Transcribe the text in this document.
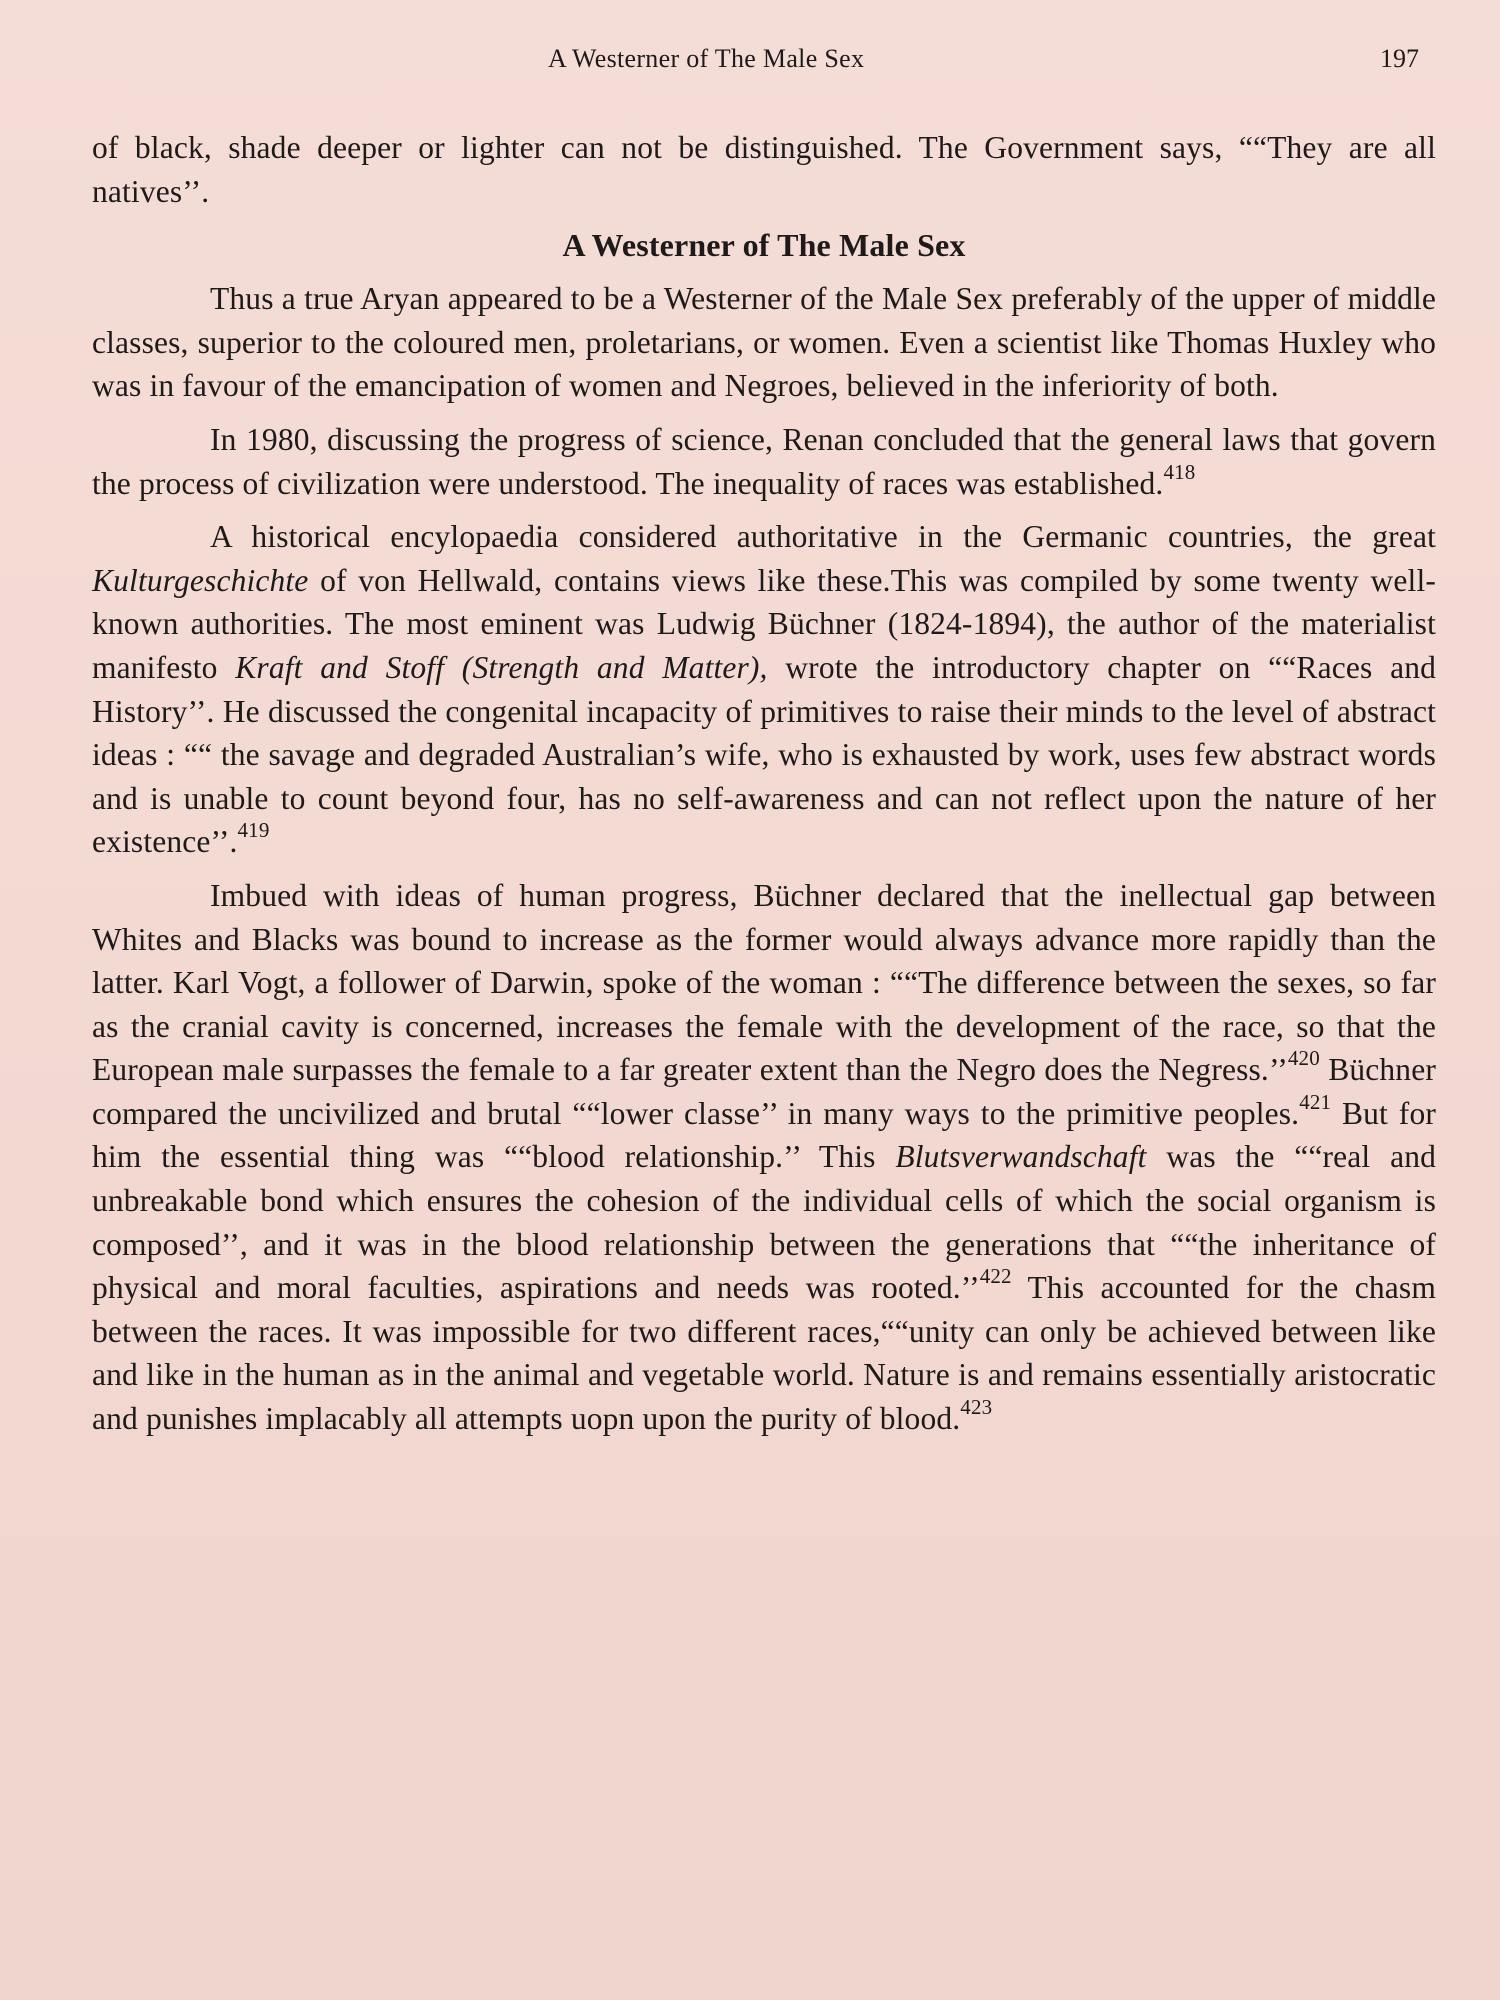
A Westerner of The Male Sex	197

of black, shade deeper or lighter can not be distinguished. The Government says, ““They are all natives’’.

A Westerner of The Male Sex

Thus a true Aryan appeared to be a Westerner of the Male Sex preferably of the upper of middle classes, superior to the coloured men, proletarians, or women. Even a scientist like Thomas Huxley who was in favour of the emancipation of women and Negroes, believed in the inferiority of both.

In 1980, discussing the progress of science, Renan concluded that the general laws that govern the process of civilization were understood. The inequality of races was established.$^{418}$

A historical encylopaedia considered authoritative in the Germanic countries, the great Kulturgeschichte of von Hellwald, contains views like these.This was compiled by some twenty well-known authorities. The most eminent was Ludwig Büchner (1824-1894), the author of the materialist manifesto Kraft and Stoff (Strength and Matter), wrote the introductory chapter on ““Races and History’’. He discussed the congenital incapacity of primitives to raise their minds to the level of abstract ideas : ““ the savage and degraded Australian’s wife, who is exhausted by work, uses few abstract words and is unable to count beyond four, has no self-awareness and can not reflect upon the nature of her existence’’.$^{419}$

Imbued with ideas of human progress, Büchner declared that the inellectual gap between Whites and Blacks was bound to increase as the former would always advance more rapidly than the latter. Karl Vogt, a follower of Darwin, spoke of the woman : ““The difference between the sexes, so far as the cranial cavity is concerned, increases the female with the development of the race, so that the European male surpasses the female to a far greater extent than the Negro does the Negress.’’$^{420}$ Büchner compared the uncivilized and brutal ““lower classe’’ in many ways to the primitive peoples.$^{421}$ But for him the essential thing was ““blood relationship.’’ This Blutsverwandschaft was the ““real and unbreakable bond which ensures the cohesion of the individual cells of which the social organism is composed’’, and it was in the blood relationship between the generations that ““the inheritance of physical and moral faculties, aspirations and needs was rooted.’’$^{422}$ This accounted for the chasm between the races. It was impossible for two different races,““unity can only be achieved between like and like in the human as in the animal and vegetable world. Nature is and remains essentially aristocratic and punishes implacably all attempts uopn upon the purity of blood.$^{423}$
